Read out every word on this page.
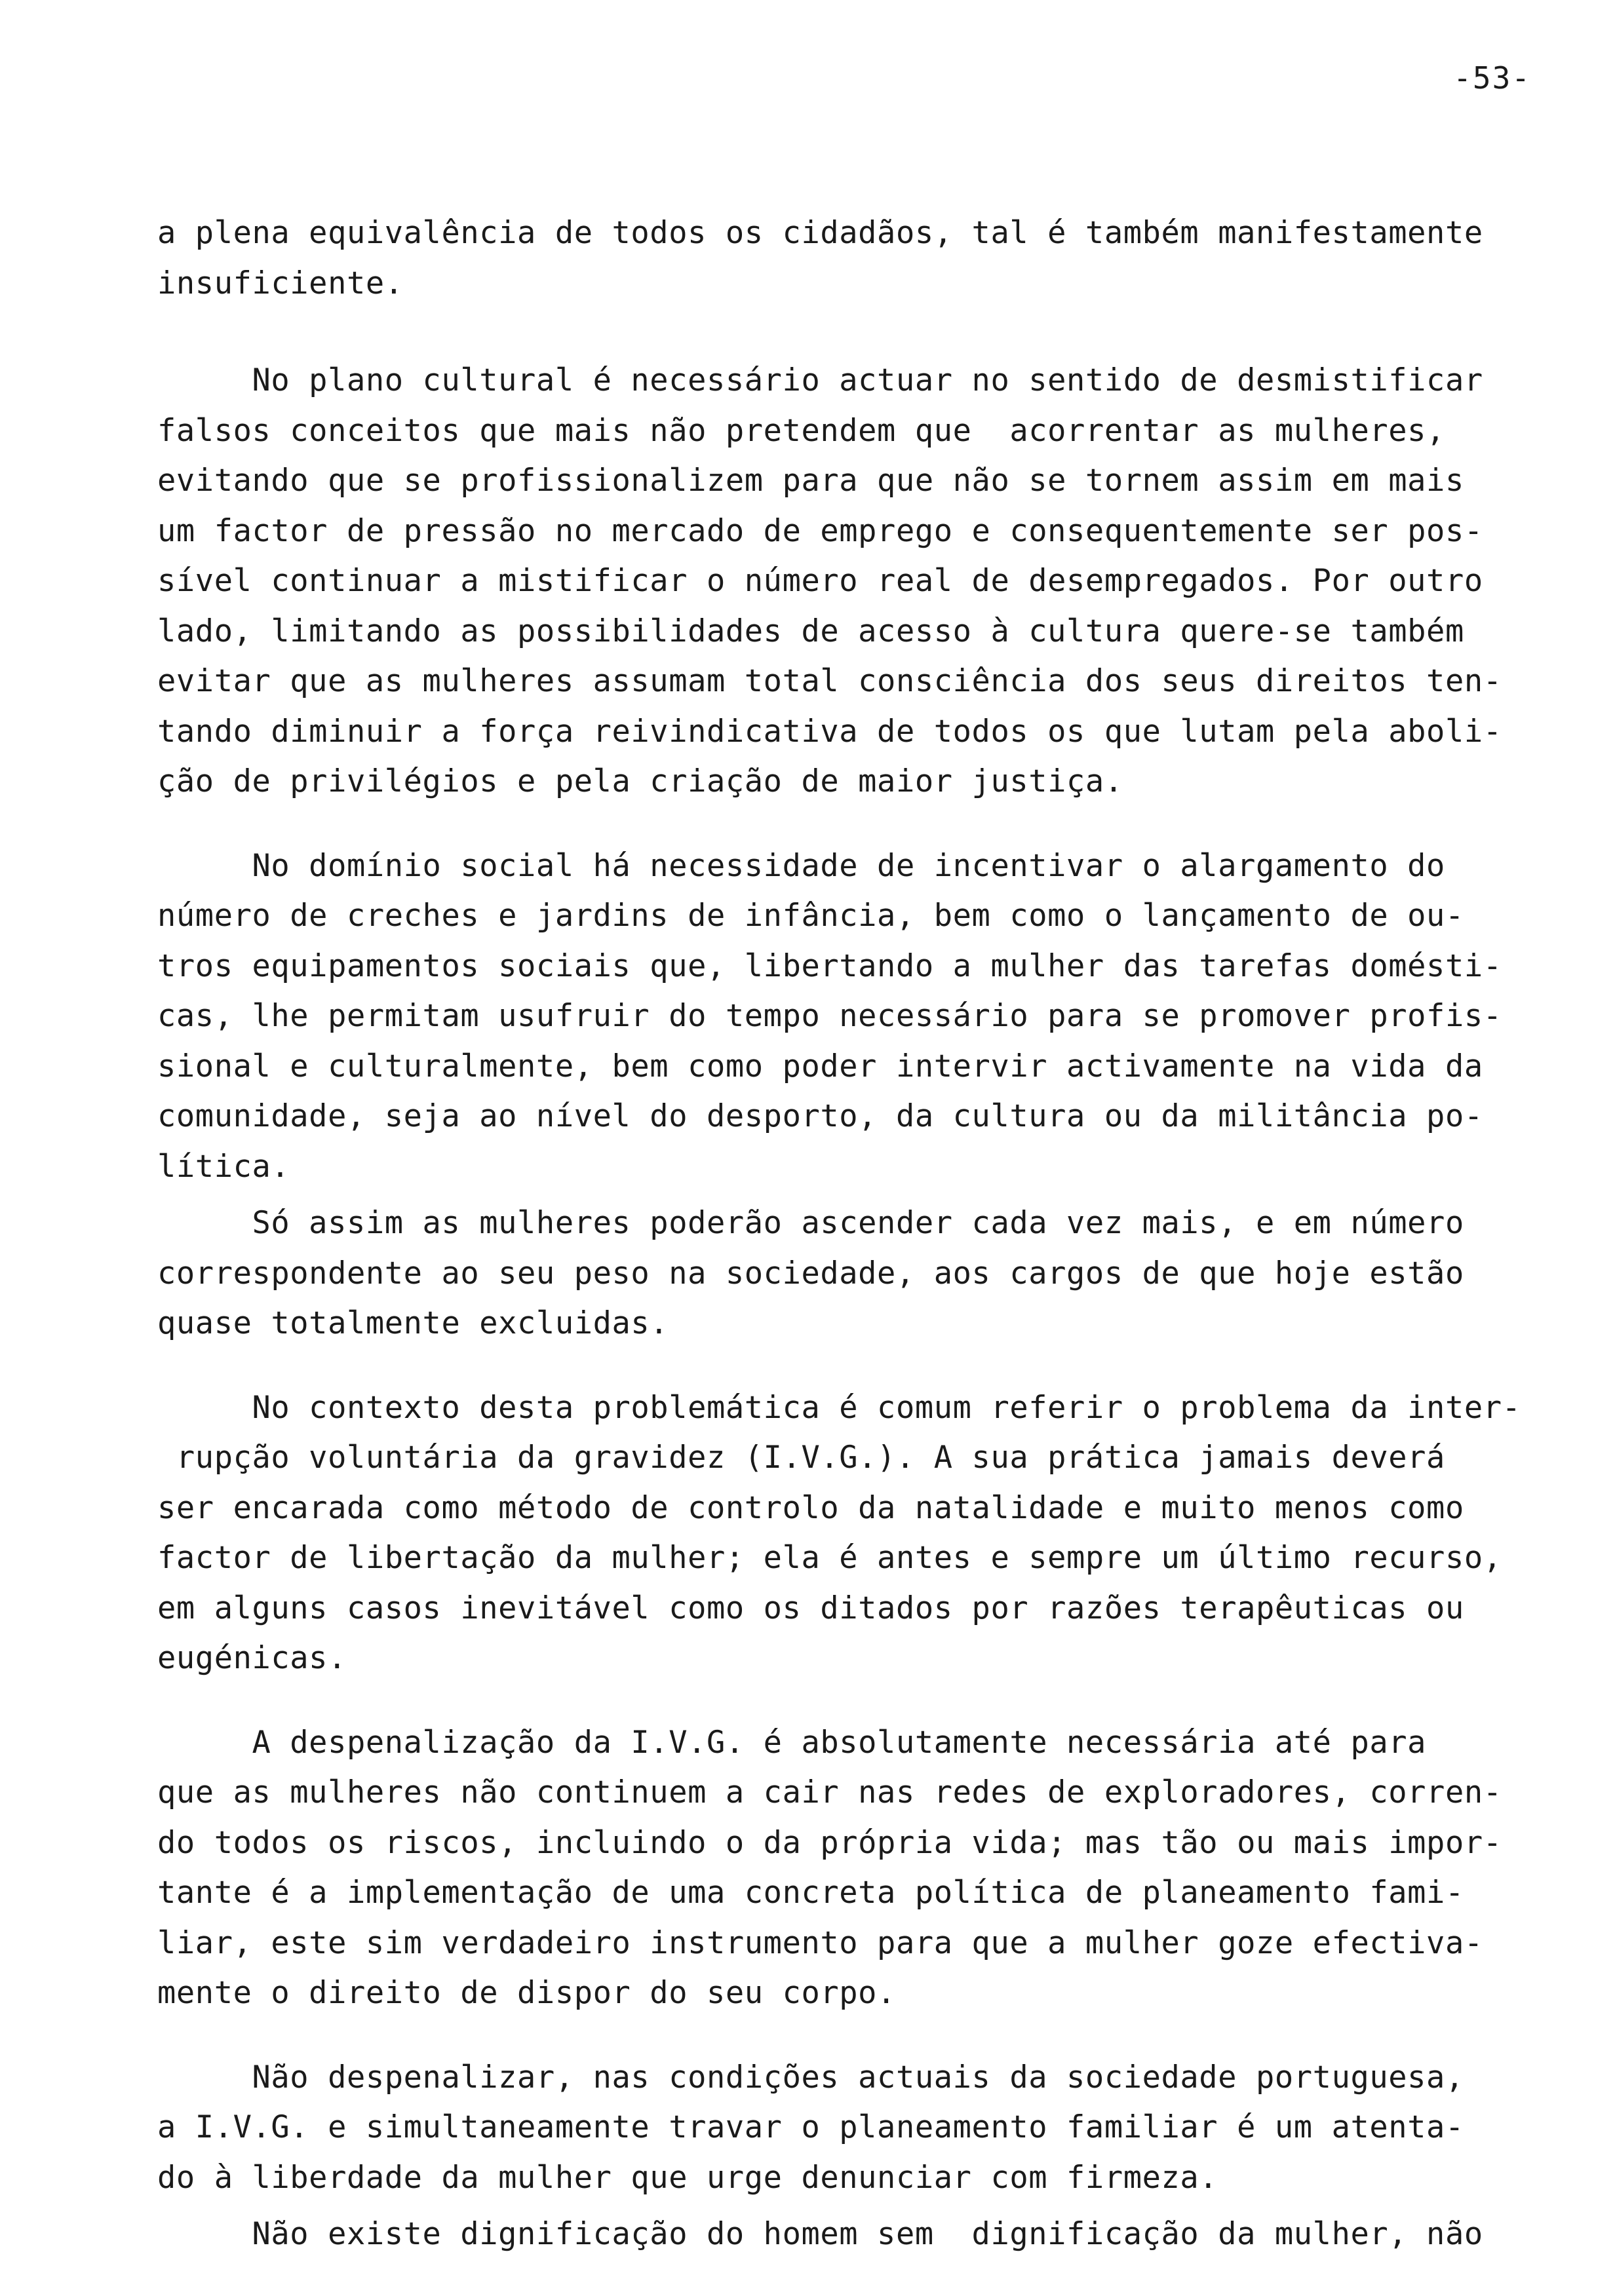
-53-
a plena equivalência de todos os cidadãos, tal é também manifestamente
insuficiente.
No plano cultural é necessário actuar no sentido de desmistificar
falsos conceitos que mais não pretendem que  acorrentar as mulheres,
evitando que se profissionalizem para que não se tornem assim em mais
um factor de pressão no mercado de emprego e consequentemente ser pos-
sível continuar a mistificar o número real de desempregados. Por outro
lado, limitando as possibilidades de acesso à cultura quere-se também
evitar que as mulheres assumam total consciência dos seus direitos ten-
tando diminuir a força reivindicativa de todos os que lutam pela aboli-
ção de privilégios e pela criação de maior justiça.
No domínio social há necessidade de incentivar o alargamento do
número de creches e jardins de infância, bem como o lançamento de ou-
tros equipamentos sociais que, libertando a mulher das tarefas domésti-
cas, lhe permitam usufruir do tempo necessário para se promover profis-
sional e culturalmente, bem como poder intervir activamente na vida da
comunidade, seja ao nível do desporto, da cultura ou da militância po-
lítica.
Só assim as mulheres poderão ascender cada vez mais, e em número
correspondente ao seu peso na sociedade, aos cargos de que hoje estão
quase totalmente excluidas.
No contexto desta problemática é comum referir o problema da inter-
rupção voluntária da gravidez (I.V.G.). A sua prática jamais deverá
ser encarada como método de controlo da natalidade e muito menos como
factor de libertação da mulher; ela é antes e sempre um último recurso,
em alguns casos inevitável como os ditados por razões terapêuticas ou
eugénicas.
A despenalização da I.V.G. é absolutamente necessária até para
que as mulheres não continuem a cair nas redes de exploradores, corren-
do todos os riscos, incluindo o da própria vida; mas tão ou mais impor-
tante é a implementação de uma concreta política de planeamento fami-
liar, este sim verdadeiro instrumento para que a mulher goze efectiva-
mente o direito de dispor do seu corpo.
Não despenalizar, nas condições actuais da sociedade portuguesa,
a I.V.G. e simultaneamente travar o planeamento familiar é um atenta-
do à liberdade da mulher que urge denunciar com firmeza.
Não existe dignificação do homem sem  dignificação da mulher, não
